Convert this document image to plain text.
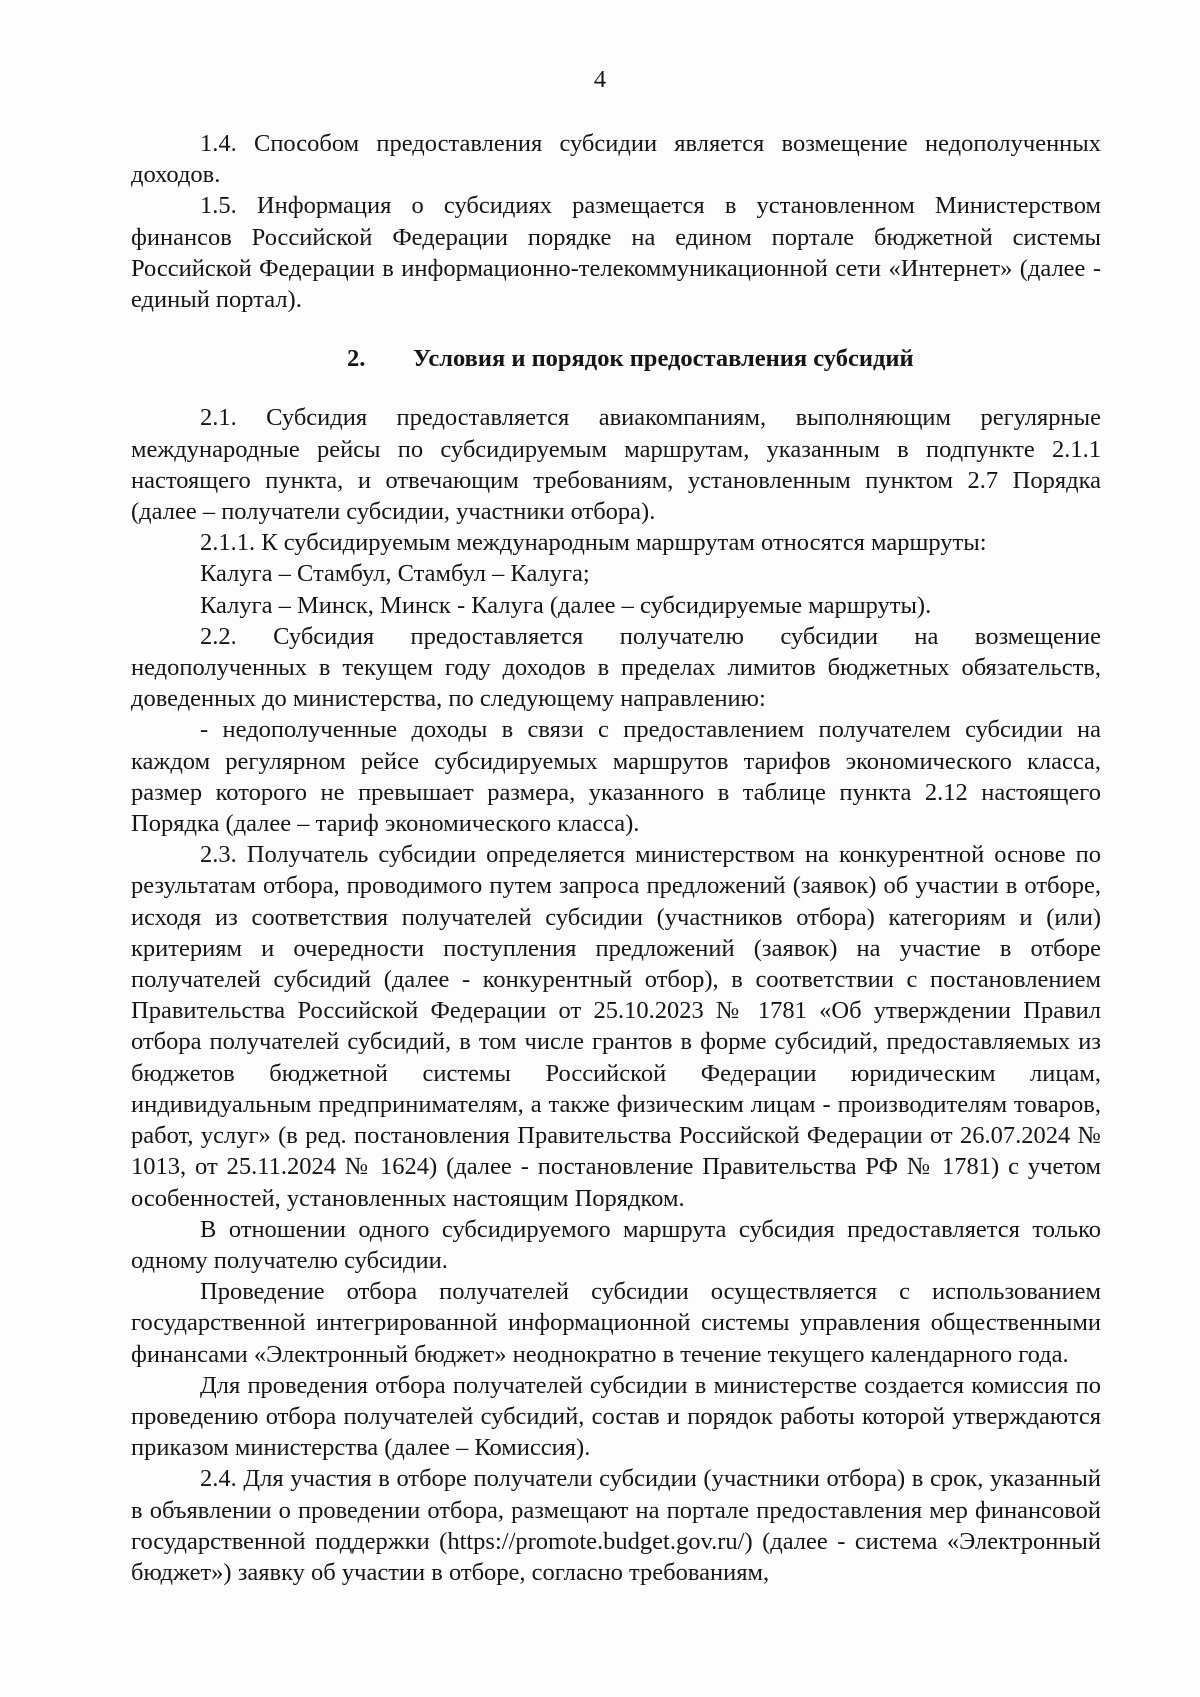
4

1.4. Способом предоставления субсидии является возмещение недополученных доходов.

1.5. Информация о субсидиях размещается в установленном Министерством финансов Российской Федерации порядке на едином портале бюджетной системы Российской Федерации в информационно-телекоммуникационной сети «Интернет» (далее - единый портал).

2. Условия и порядок предоставления субсидий

2.1. Субсидия предоставляется авиакомпаниям, выполняющим регулярные международные рейсы по субсидируемым маршрутам, указанным в подпункте 2.1.1 настоящего пункта, и отвечающим требованиям, установленным пунктом 2.7 Порядка (далее – получатели субсидии, участники отбора).

2.1.1. К субсидируемым международным маршрутам относятся маршруты:

Калуга – Стамбул, Стамбул – Калуга;

Калуга – Минск, Минск - Калуга (далее – субсидируемые маршруты).

2.2. Субсидия предоставляется получателю субсидии на возмещение недополученных в текущем году доходов в пределах лимитов бюджетных обязательств, доведенных до министерства, по следующему направлению:

- недополученные доходы в связи с предоставлением получателем субсидии на каждом регулярном рейсе субсидируемых маршрутов тарифов экономического класса, размер которого не превышает размера, указанного в таблице пункта 2.12 настоящего Порядка (далее – тариф экономического класса).

2.3. Получатель субсидии определяется министерством на конкурентной основе по результатам отбора, проводимого путем запроса предложений (заявок) об участии в отборе, исходя из соответствия получателей субсидии (участников отбора) категориям и (или) критериям и очередности поступления предложений (заявок) на участие в отборе получателей субсидий (далее - конкурентный отбор), в соответствии с постановлением Правительства Российской Федерации от 25.10.2023 № 1781 «Об утверждении Правил отбора получателей субсидий, в том числе грантов в форме субсидий, предоставляемых из бюджетов бюджетной системы Российской Федерации юридическим лицам, индивидуальным предпринимателям, а также физическим лицам - производителям товаров, работ, услуг» (в ред. постановления Правительства Российской Федерации от 26.07.2024 № 1013, от 25.11.2024 № 1624) (далее - постановление Правительства РФ № 1781) с учетом особенностей, установленных настоящим Порядком.

В отношении одного субсидируемого маршрута субсидия предоставляется только одному получателю субсидии.

Проведение отбора получателей субсидии осуществляется с использованием государственной интегрированной информационной системы управления общественными финансами «Электронный бюджет» неоднократно в течение текущего календарного года.

Для проведения отбора получателей субсидии в министерстве создается комиссия по проведению отбора получателей субсидий, состав и порядок работы которой утверждаются приказом министерства (далее – Комиссия).

2.4. Для участия в отборе получатели субсидии (участники отбора) в срок, указанный в объявлении о проведении отбора, размещают на портале предоставления мер финансовой государственной поддержки (https://promote.budget.gov.ru/) (далее - система «Электронный бюджет») заявку об участии в отборе, согласно требованиям,
